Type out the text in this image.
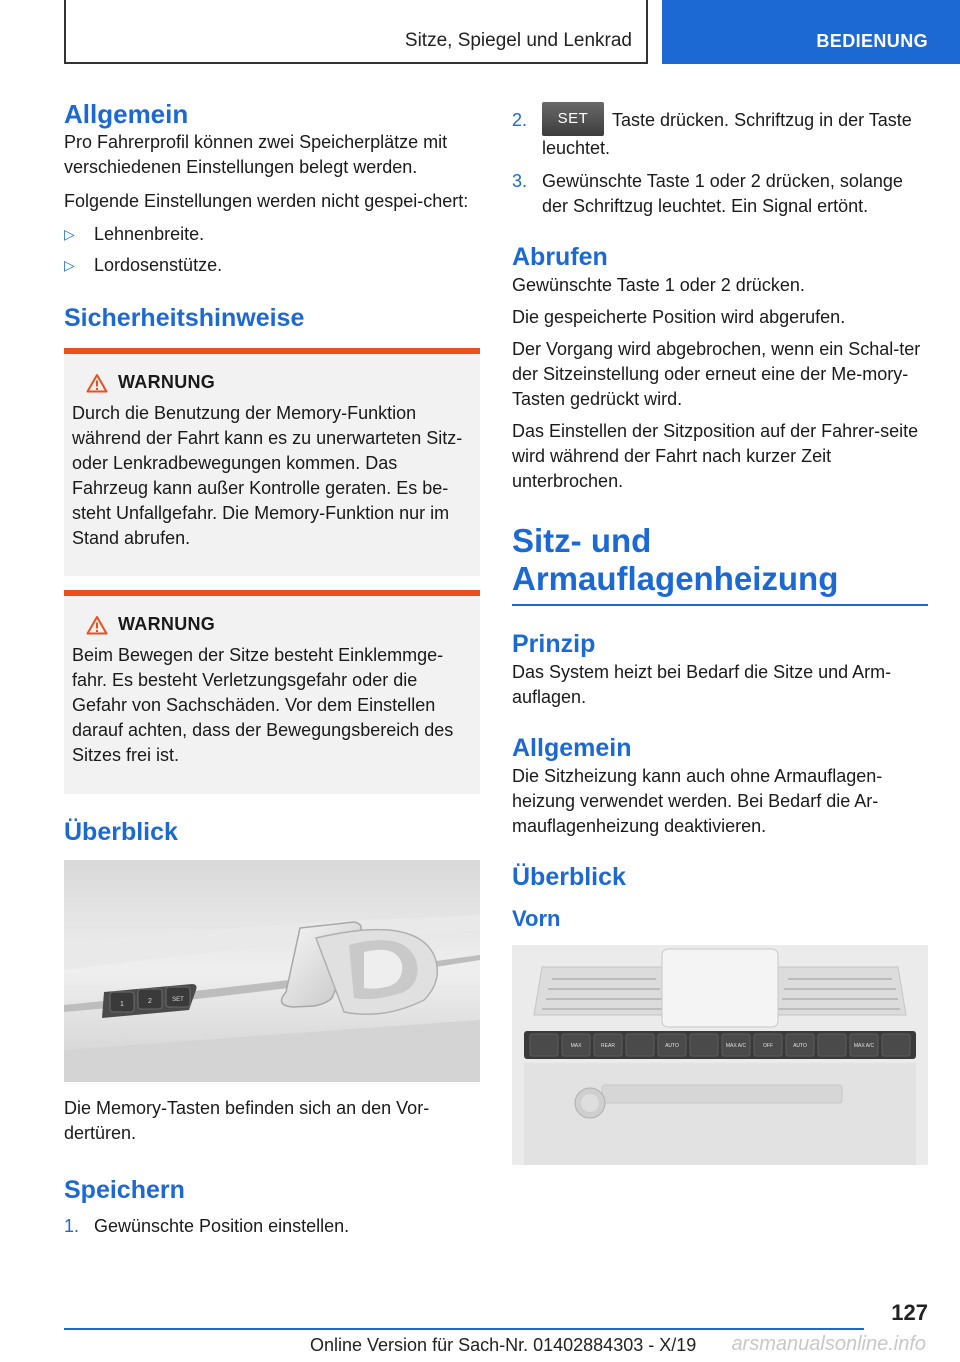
Sitze, Spiegel und Lenkrad	BEDIENUNG
Allgemein

Pro Fahrerprofil können zwei Speicherplätze mit verschiedenen Einstellungen belegt werden.

Folgende Einstellungen werden nicht gespei-chert:

▷	Lehnenbreite.
▷	Lordosenstütze.
Sicherheitshinweise
WARNUNG

Durch die Benutzung der Memory-Funktion während der Fahrt kann es zu unerwarteten Sitz- oder Lenkradbewegungen kommen. Das Fahrzeug kann außer Kontrolle geraten. Es be-steht Unfallgefahr. Die Memory-Funktion nur im Stand abrufen.

WARNUNG

Beim Bewegen der Sitze besteht Einklemmge-fahr. Es besteht Verletzungsgefahr oder die Gefahr von Sachschäden. Vor dem Einstellen darauf achten, dass der Bewegungsbereich des Sitzes frei ist.

Überblick
1	2	SET

Die Memory-Tasten befinden sich an den Vor-dertüren.

Speichern
1. Gewünschte Position einstellen.
2.	SET Taste drücken. Schriftzug in der Taste leuchtet.
3. Gewünschte Taste 1 oder 2 drücken, solange der Schriftzug leuchtet. Ein Signal ertönt.
Abrufen

Gewünschte Taste 1 oder 2 drücken.

Die gespeicherte Position wird abgerufen.

Der Vorgang wird abgebrochen, wenn ein Schal-ter der Sitzeinstellung oder erneut eine der Me-mory-Tasten gedrückt wird.

Das Einstellen der Sitzposition auf der Fahrer-seite wird während der Fahrt nach kurzer Zeit unterbrochen.

Sitz- und
Armauflagenheizung
Prinzip

Das System heizt bei Bedarf die Sitze und Arm-auflagen.

Allgemein

Die Sitzheizung kann auch ohne Armauflagen-heizung verwendet werden. Bei Bedarf die Ar-mauflagenheizung deaktivieren.

Überblick
Vorn
MAX	REAR	AUTO	MAX A/C	OFF	AUTO	MAX A/C
127
Online Version für Sach-Nr. 01402884303 - X/19 arsmanualsonline.info
